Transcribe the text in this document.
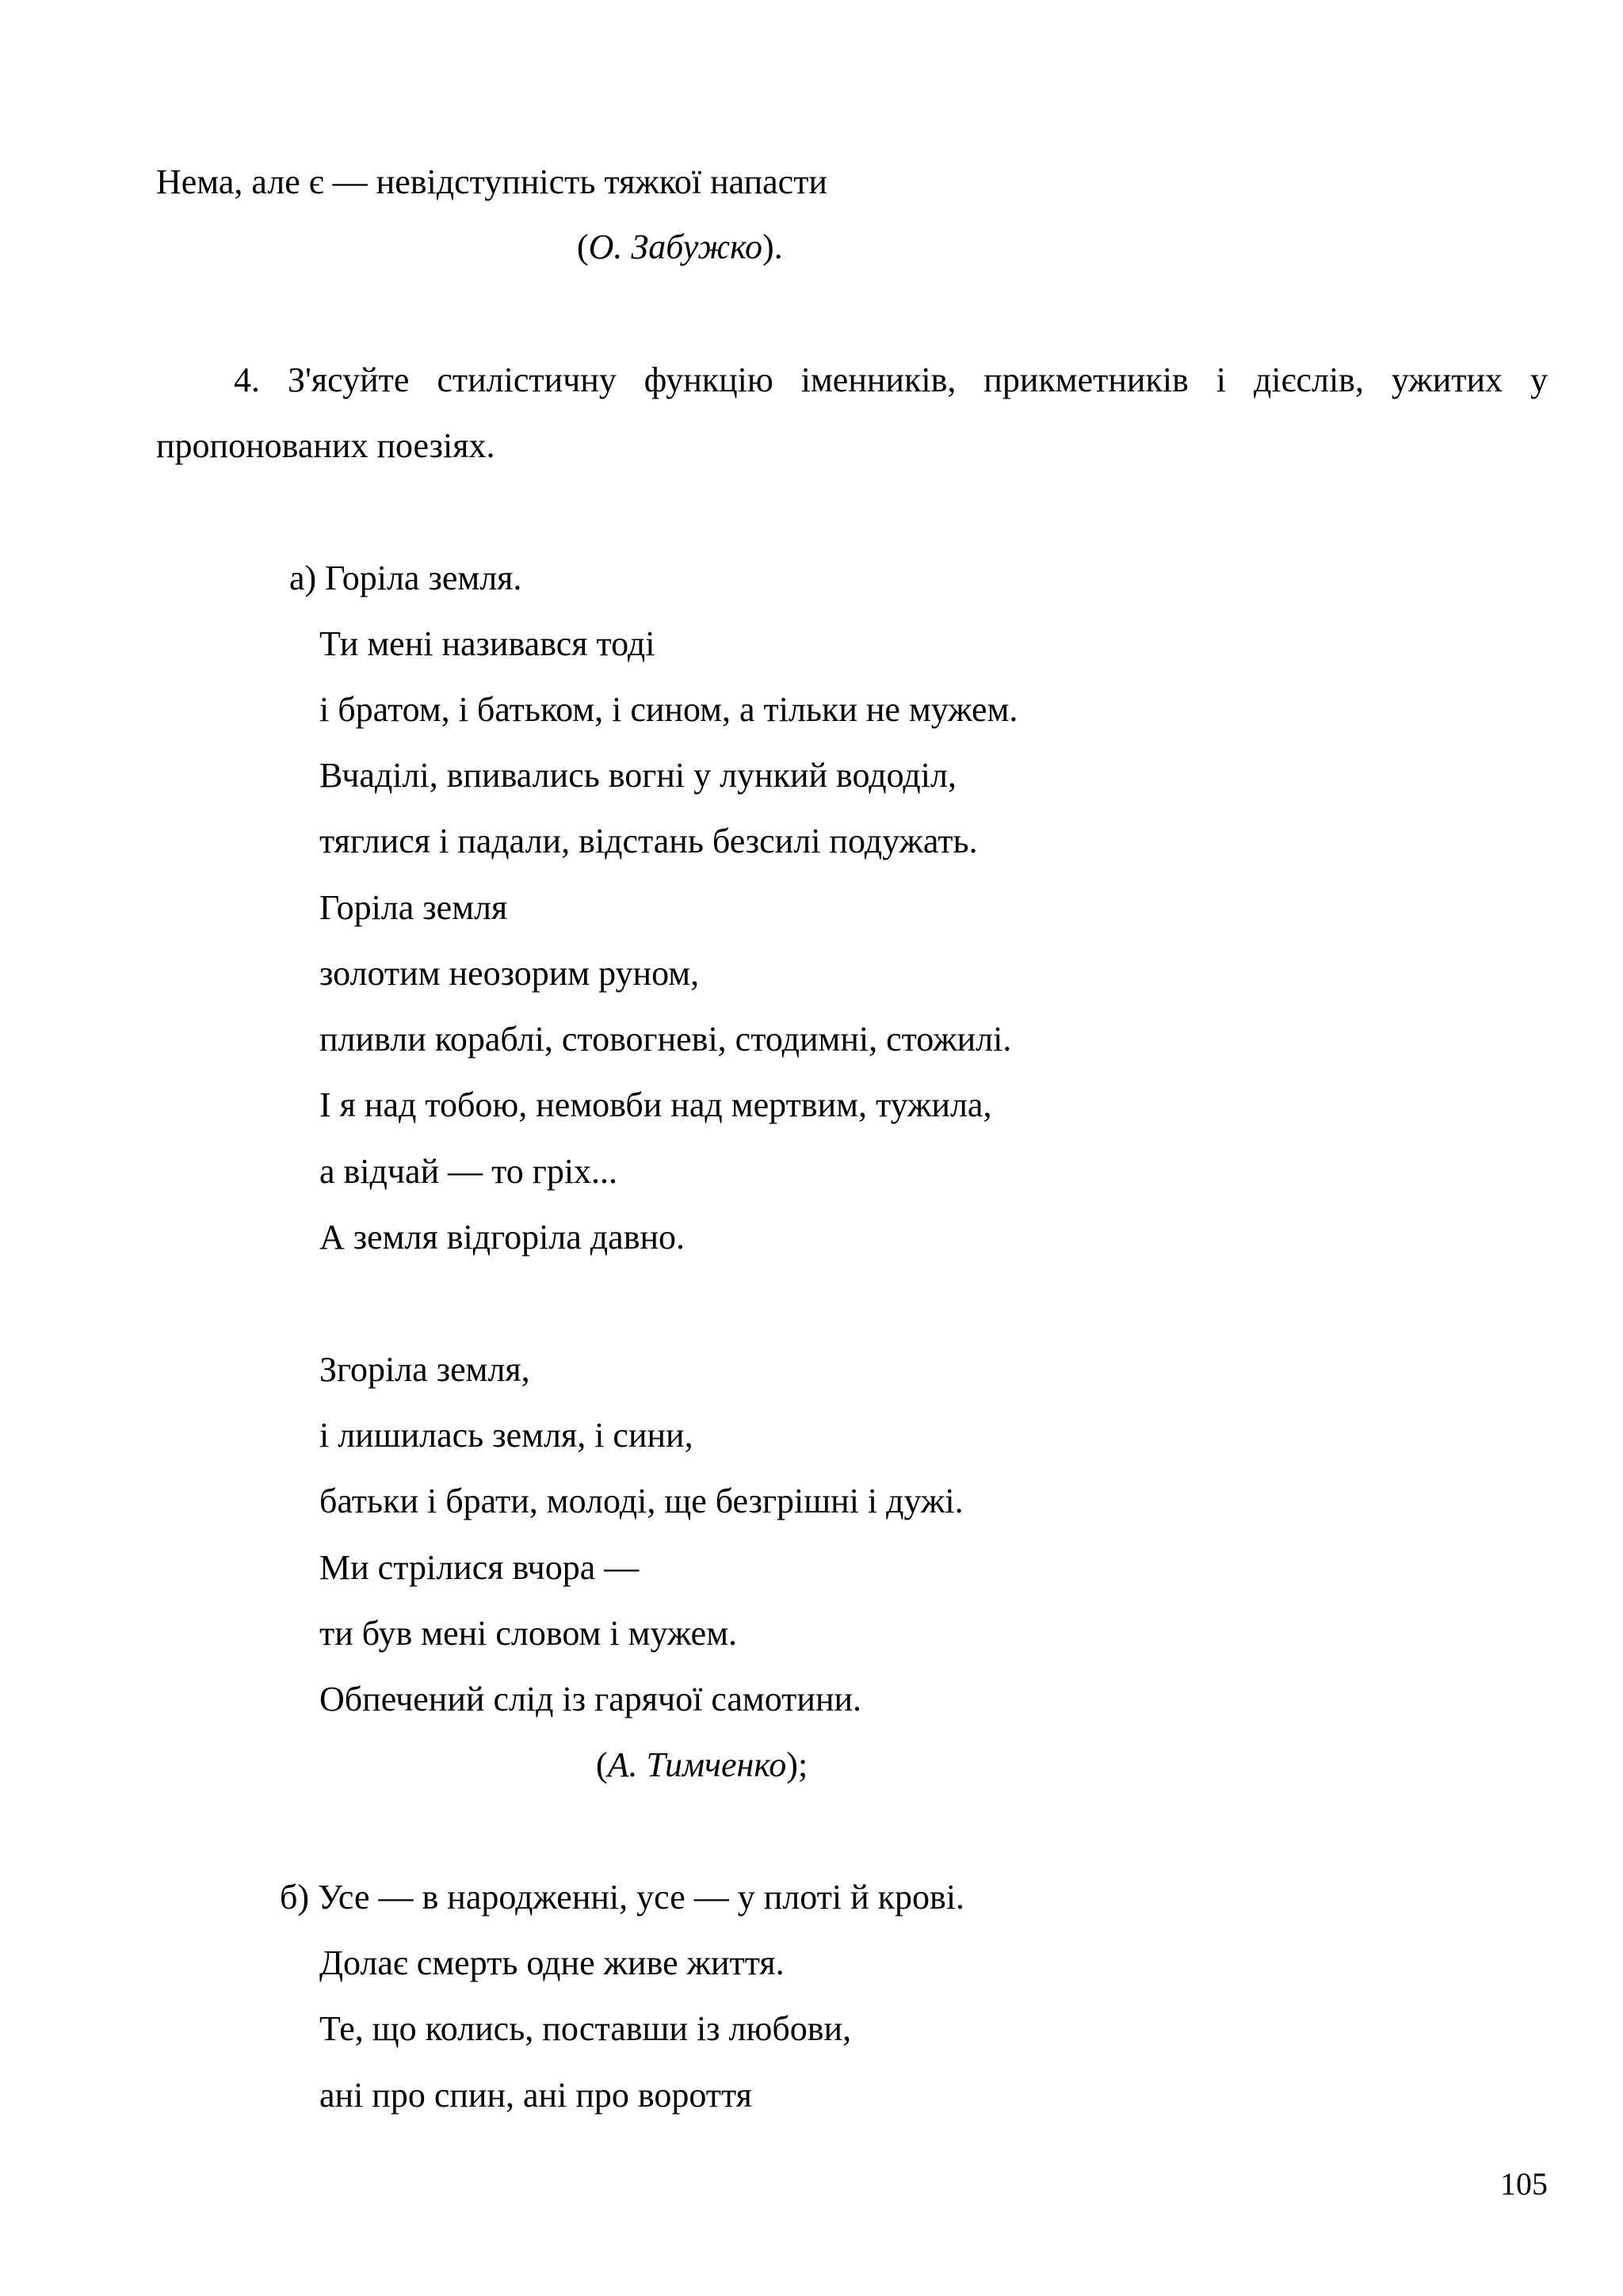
Нема, але є — невідступність тяжкої напасти
(О. Забужко).
4. З'ясуйте стилістичну функцію іменників, прикметників і дієслів, ужитих у
пропонованих поезіях.
а) Горіла земля.
Ти мені називався тоді
і братом, і батьком, і сином, а тільки не мужем.
Вчаділі, впивались вогні у лункий вододіл,
тяглися і падали, відстань безсилі подужать.
Горіла земля
золотим неозорим руном,
пливли кораблі, стовогневі, стодимні, стожилі.
І я над тобою, немовби над мертвим, тужила,
а відчай — то гріх...
А земля відгоріла давно.
Згоріла земля,
і лишилась земля, і сини,
батьки і брати, молоді, ще безгрішні і дужі.
Ми стрілися вчора —
ти був мені словом і мужем.
Обпечений слід із гарячої самотини.
(А. Тимченко);
б) Усе — в народженні, усе — у плоті й крові.
Долає смерть одне живе життя.
Те, що колись, поставши із любови,
ані про спин, ані про вороття
105
